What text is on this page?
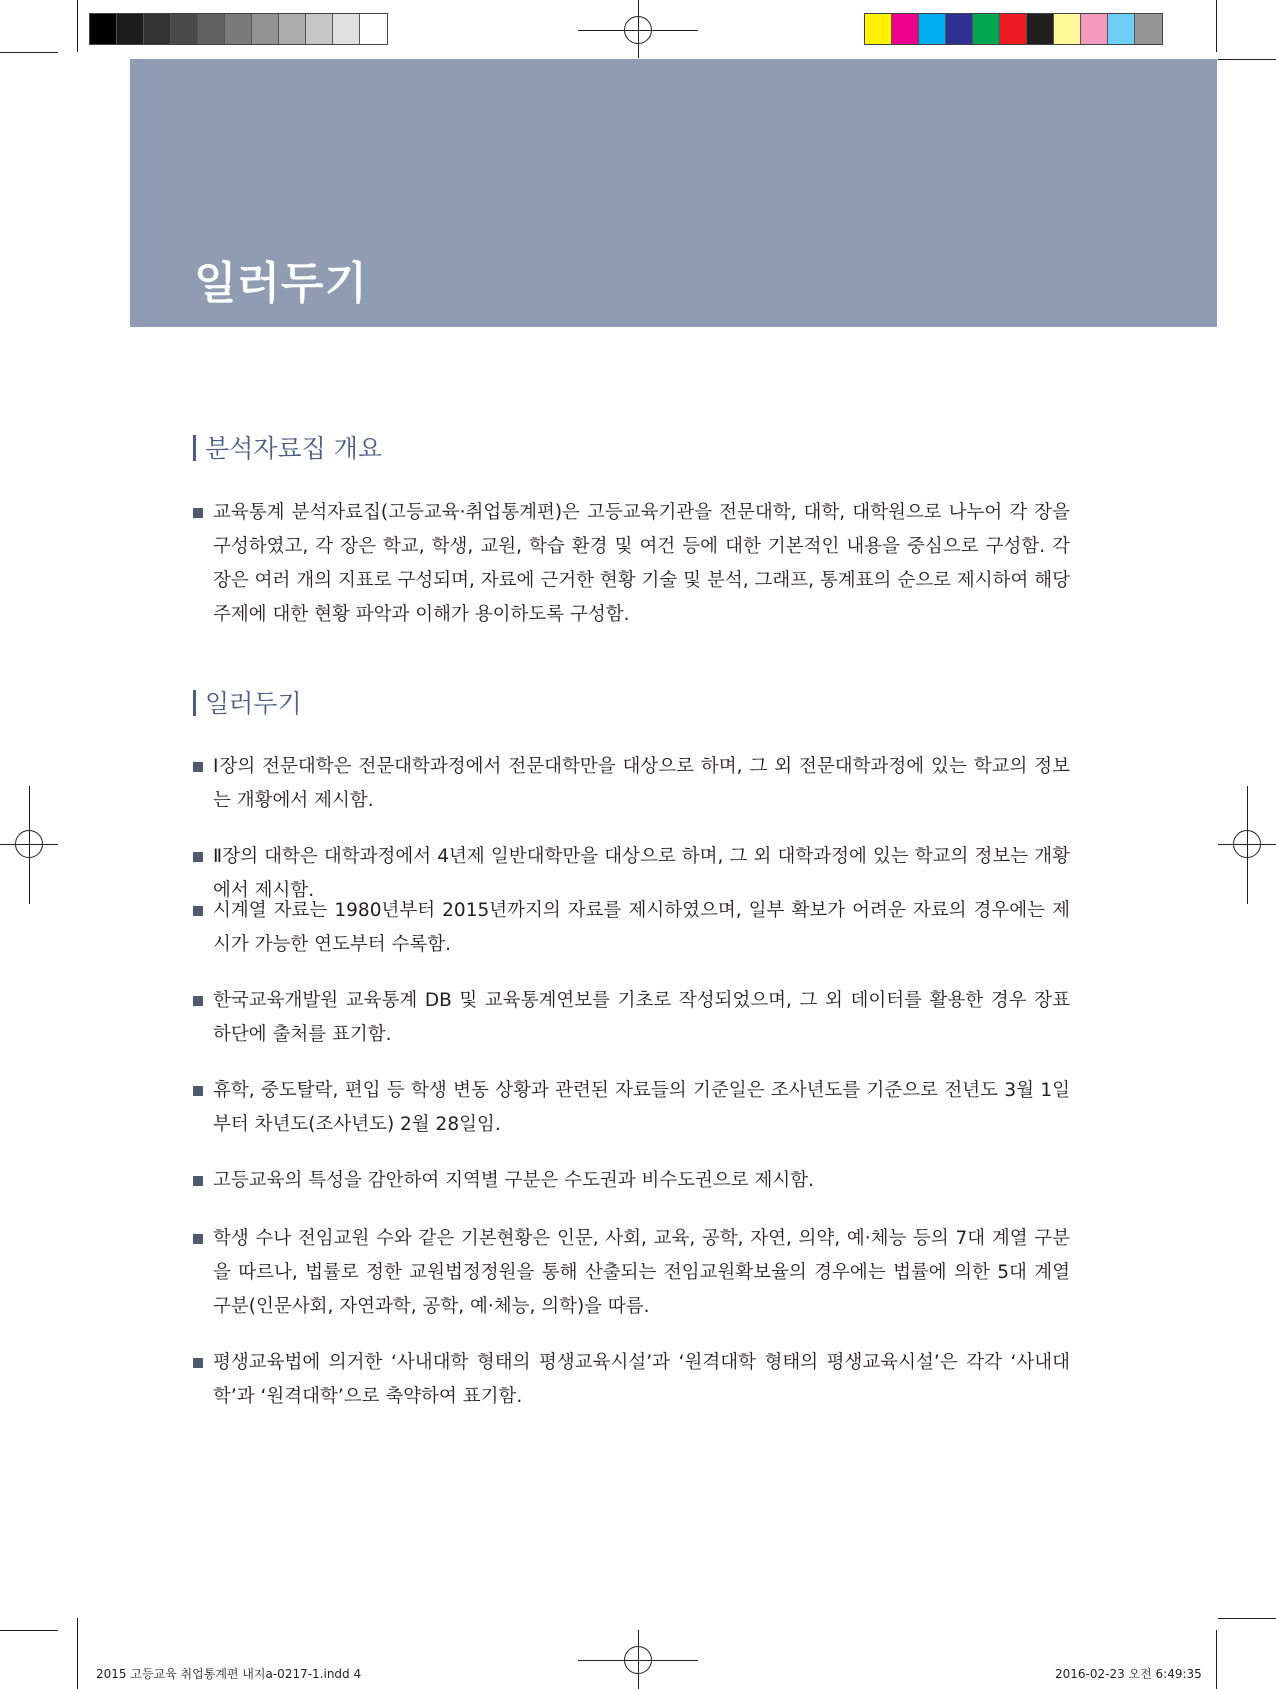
일러두기
분석자료집 개요
교육통계 분석자료집(고등교육·취업통계편)은 고등교육기관을 전문대학, 대학, 대학원으로 나누어 각 장을 구성하였고, 각 장은 학교, 학생, 교원, 학습 환경 및 여건 등에 대한 기본적인 내용을 중심으로 구성함. 각 장은 여러 개의 지표로 구성되며, 자료에 근거한 현황 기술 및 분석, 그래프, 통계표의 순으로 제시하여 해당 주제에 대한 현황 파악과 이해가 용이하도록 구성함.
일러두기
Ⅰ장의 전문대학은 전문대학과정에서 전문대학만을 대상으로 하며, 그 외 전문대학과정에 있는 학교의 정보는 개황에서 제시함.
Ⅱ장의 대학은 대학과정에서 4년제 일반대학만을 대상으로 하며, 그 외 대학과정에 있는 학교의 정보는 개황에서 제시함.
시계열 자료는 1980년부터 2015년까지의 자료를 제시하였으며, 일부 확보가 어려운 자료의 경우에는 제시가 가능한 연도부터 수록함.
한국교육개발원 교육통계 DB 및 교육통계연보를 기초로 작성되었으며, 그 외 데이터를 활용한 경우 장표 하단에 출처를 표기함.
휴학, 중도탈락, 편입 등 학생 변동 상황과 관련된 자료들의 기준일은 조사년도를 기준으로 전년도 3월 1일부터 차년도(조사년도) 2월 28일임.
고등교육의 특성을 감안하여 지역별 구분은 수도권과 비수도권으로 제시함.
학생 수나 전임교원 수와 같은 기본현황은 인문, 사회, 교육, 공학, 자연, 의약, 예·체능 등의 7대 계열 구분을 따르나, 법률로 정한 교원법정정원을 통해 산출되는 전임교원확보율의 경우에는 법률에 의한 5대 계열 구분(인문사회, 자연과학, 공학, 예·체능, 의학)을 따름.
평생교육법에 의거한 ‘사내대학 형태의 평생교육시설’과 ‘원격대학 형태의 평생교육시설’은 각각 ‘사내대학’과 ‘원격대학’으로 축약하여 표기함.
2015 고등교육 취업통계편 내지a-0217-1.indd 4	2016-02-23 오전 6:49:35
